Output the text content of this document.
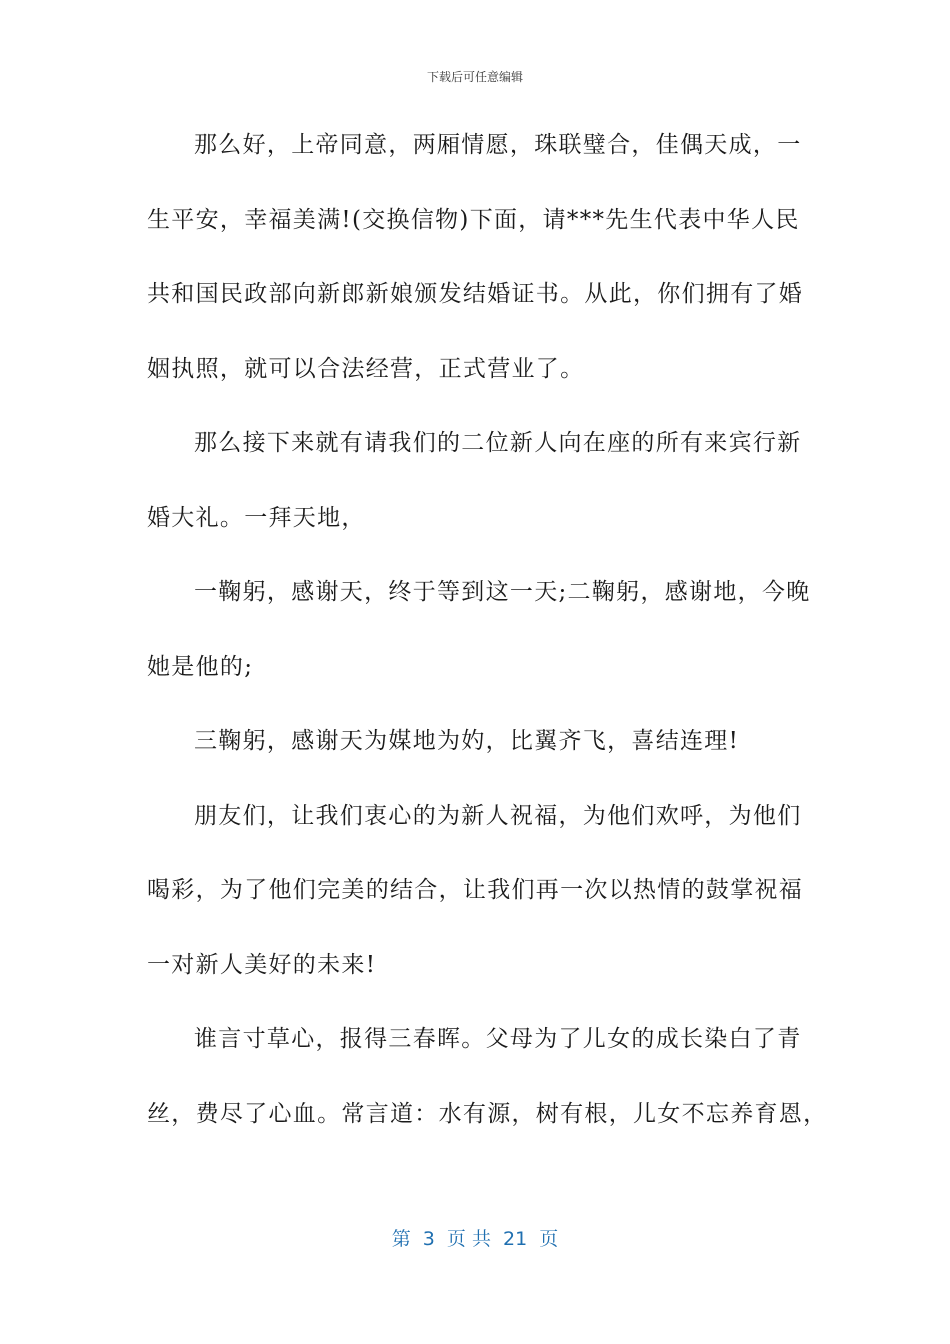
下载后可任意编辑
那么好，上帝同意，两厢情愿，珠联璧合，佳偶天成，一
生平安，幸福美满!(交换信物)下面，请***先生代表中华人民
共和国民政部向新郎新娘颁发结婚证书。从此，你们拥有了婚
姻执照，就可以合法经营，正式营业了。
那么接下来就有请我们的二位新人向在座的所有来宾行新
婚大礼。一拜天地，
一鞠躬，感谢天，终于等到这一天;二鞠躬，感谢地，今晚
她是他的;
三鞠躬，感谢天为媒地为妁，比翼齐飞，喜结连理!
朋友们，让我们衷心的为新人祝福，为他们欢呼，为他们
喝彩，为了他们完美的结合，让我们再一次以热情的鼓掌祝福
一对新人美好的未来!
谁言寸草心，报得三春晖。父母为了儿女的成长染白了青
丝，费尽了心血。常言道：水有源，树有根，儿女不忘养育恩，
第  3  页 共  21  页
